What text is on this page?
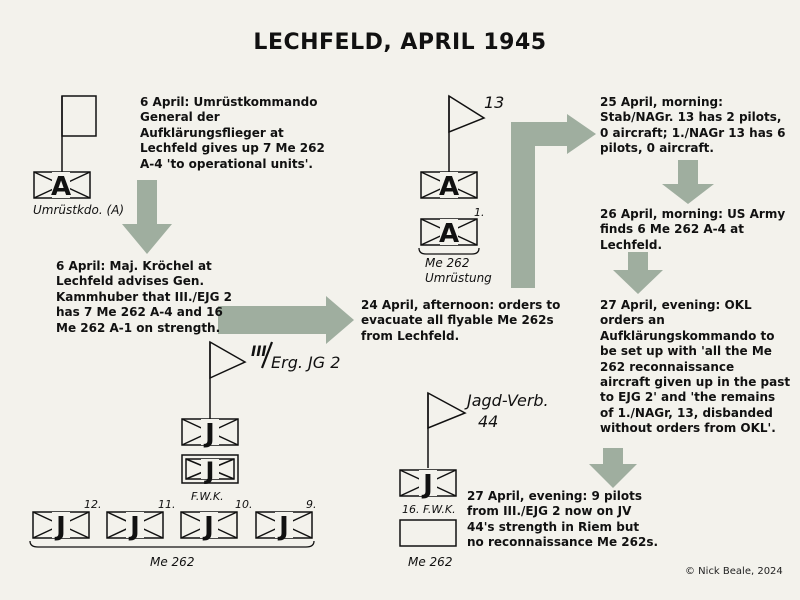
A
Umrüstkdo. (A)
13
A
A
1.
III
Erg. JG 2
J
J
F.W.K.
J J J	J
12.	11.	10.	9.
Me 262
Jagd-Verb.
44
J
16. F.W.K.
Me 262
LECHFELD, APRIL 1945

6 April: Umrüstkommando
General der
Aufklärungsflieger at
Lechfeld gives up 7 Me 262
A-4 'to operational units'.

6 April: Maj. Kröchel at
Lechfeld advises Gen.
Kammhuber that III./EJG 2
has 7 Me 262 A-4 and 16
Me 262 A-1 on strength.

24 April, afternoon: orders to
evacuate all flyable Me 262s
from Lechfeld.

25 April, morning:
Stab/NAGr. 13 has 2 pilots,
0 aircraft; 1./NAGr 13 has 6
pilots, 0 aircraft.

26 April, morning: US Army
finds 6 Me 262 A-4 at
Lechfeld.

27 April, evening: OKL
orders an
Aufklärungskommando to
be set up with 'all the Me
262 reconnaissance
aircraft given up in the past
to EJG 2' and 'the remains
of 1./NAGr, 13, disbanded
without orders from OKL'.

27 April, evening: 9 pilots
from III./EJG 2 now on JV
44's strength in Riem but
no reconnaissance Me 262s.

Me 262
Umrüstung
© Nick Beale, 2024
